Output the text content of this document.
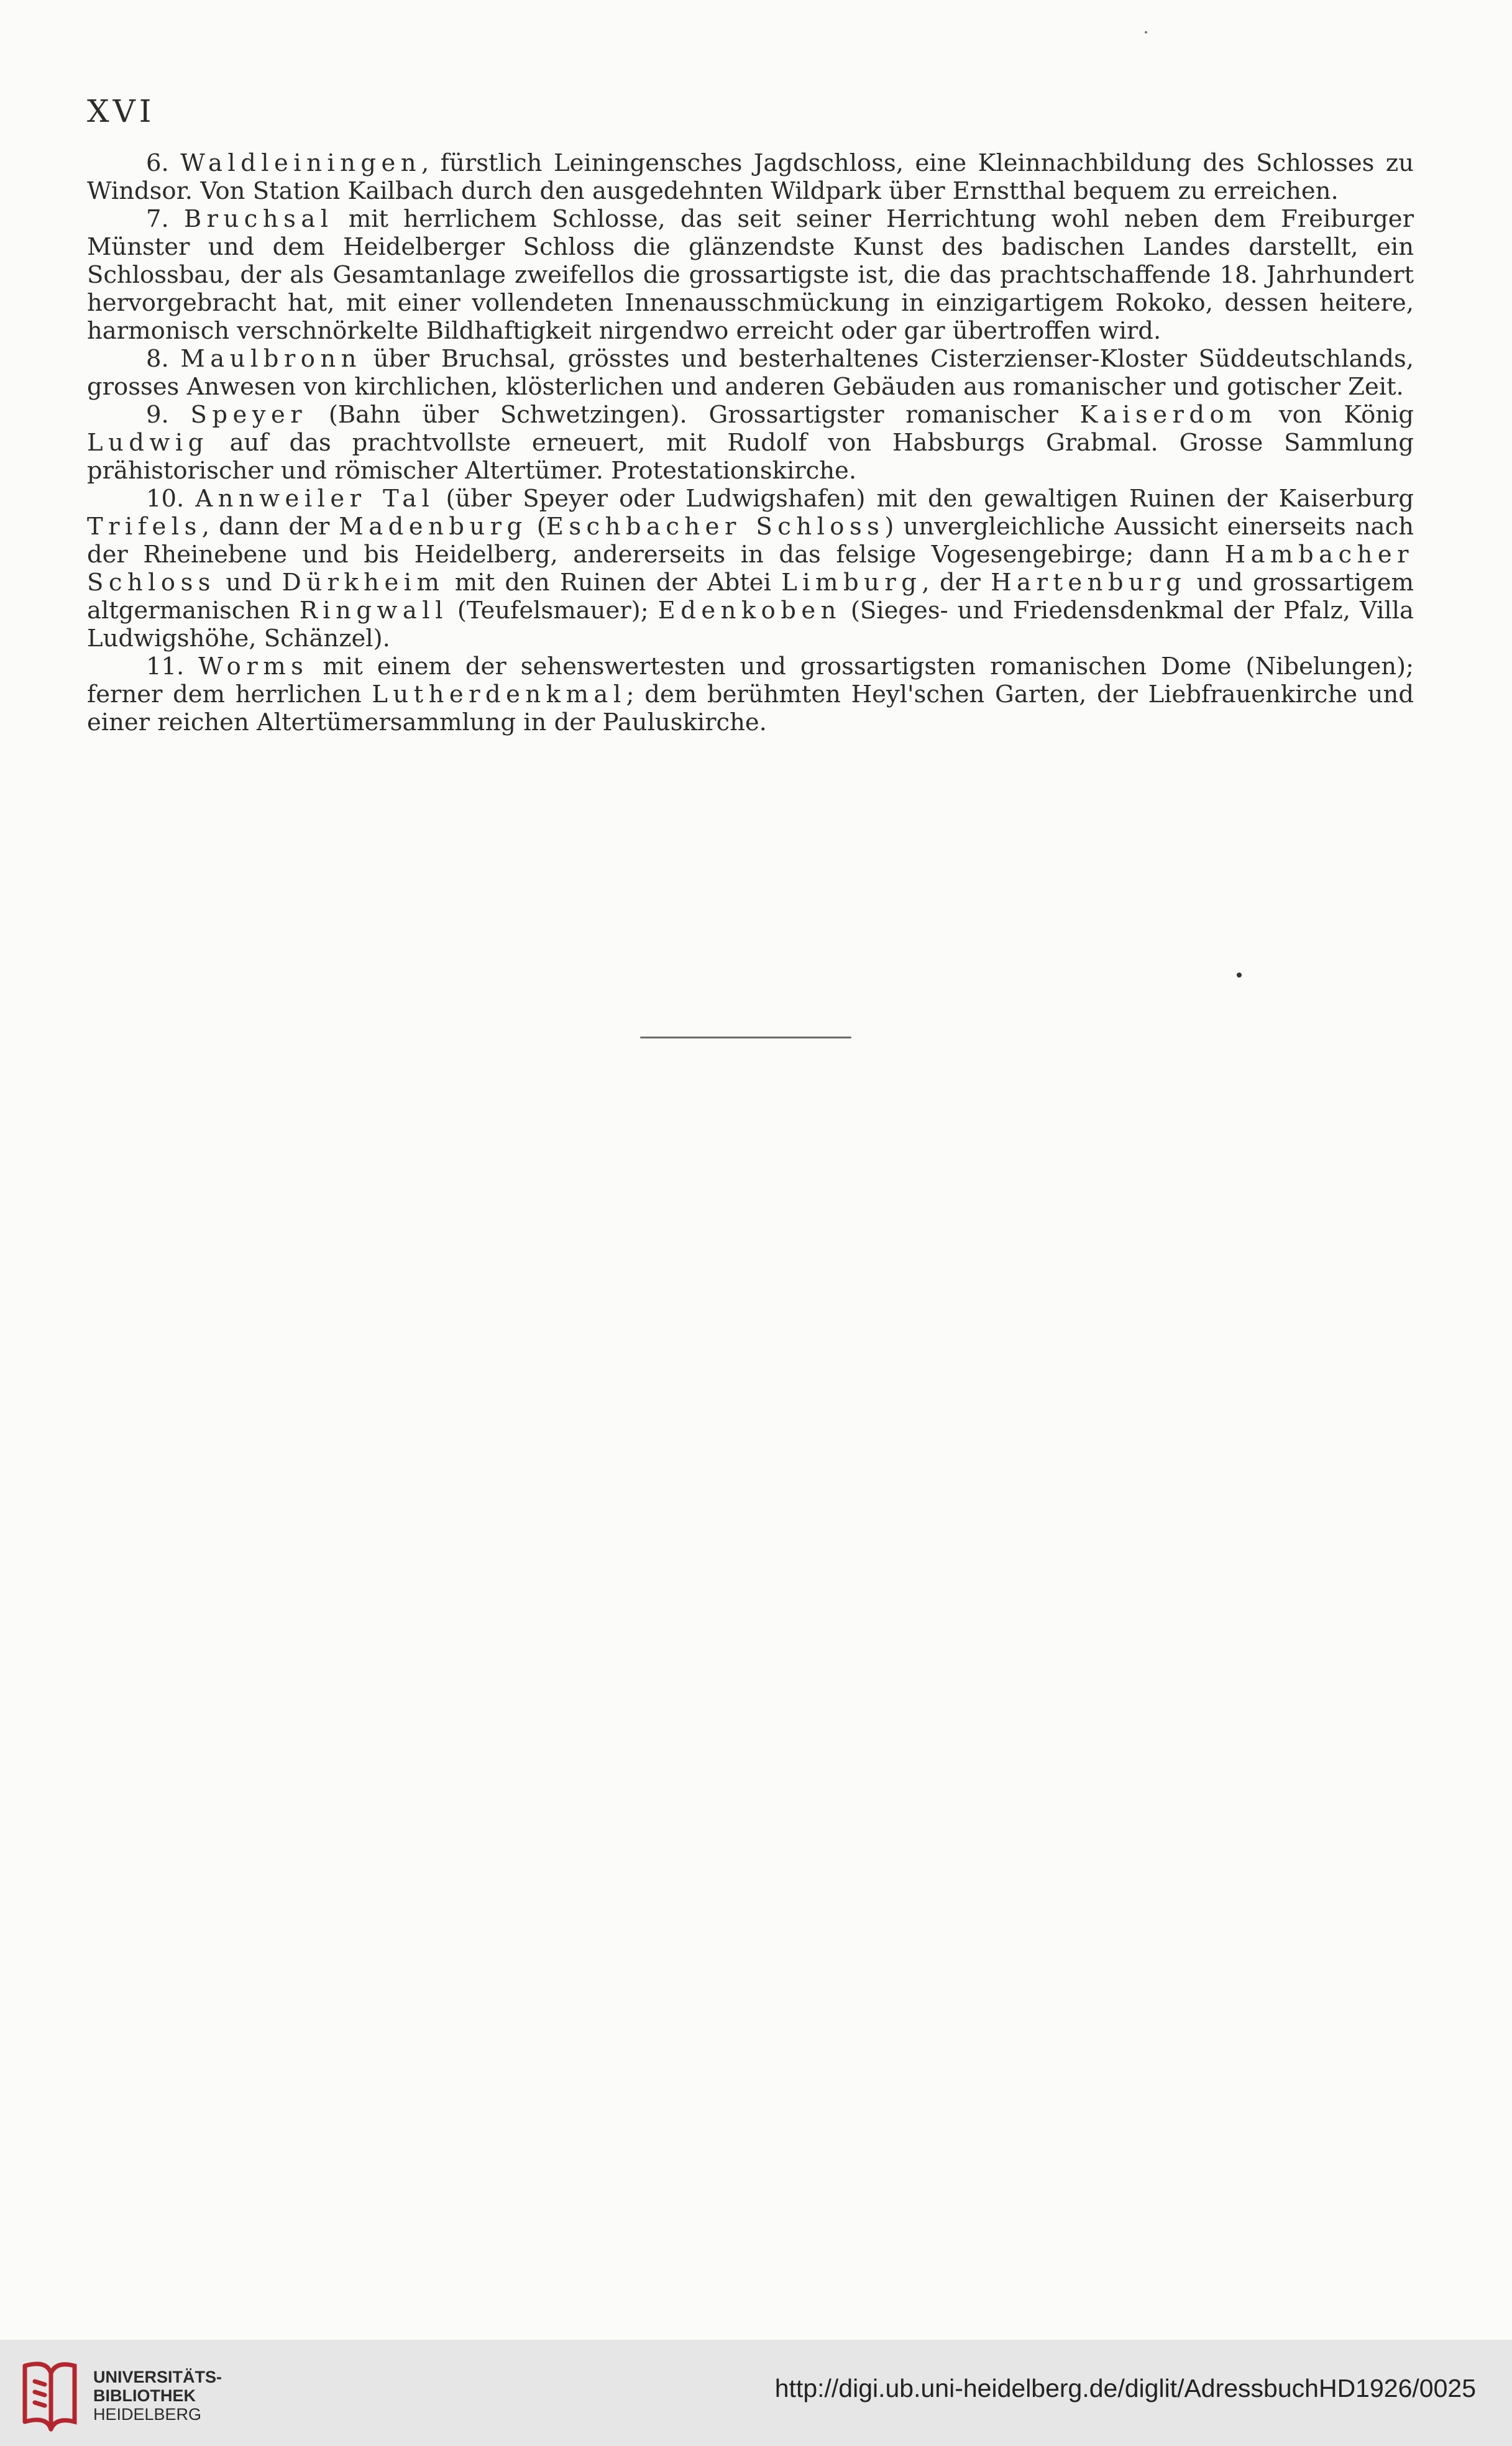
XVI

6. Waldleiningen, fürstlich Leiningensches Jagdschloss, eine Kleinnachbildung des Schlosses zu Windsor. Von Station Kailbach durch den ausgedehnten Wildpark über Ernstthal bequem zu erreichen.

7. Bruchsal mit herrlichem Schlosse, das seit seiner Herrichtung wohl neben dem Freiburger Münster und dem Heidelberger Schloss die glänzendste Kunst des badischen Landes darstellt, ein Schlossbau, der als Gesamtanlage zweifellos die grossartigste ist, die das prachtschaffende 18. Jahrhundert hervorgebracht hat, mit einer vollendeten Innenausschmückung in einzigartigem Rokoko, dessen heitere, harmonisch verschnörkelte Bildhaftigkeit nirgendwo erreicht oder gar übertroffen wird.

8. Maulbronn über Bruchsal, grösstes und besterhaltenes Cisterzienser-Kloster Süddeutschlands, grosses Anwesen von kirchlichen, klösterlichen und anderen Gebäuden aus romanischer und gotischer Zeit.

9. Speyer (Bahn über Schwetzingen). Grossartigster romanischer Kaiserdom von König Ludwig auf das prachtvollste erneuert, mit Rudolf von Habsburgs Grabmal. Grosse Sammlung prähistorischer und römischer Altertümer. Protestationskirche.

10. Annweiler Tal (über Speyer oder Ludwigshafen) mit den gewaltigen Ruinen der Kaiserburg Trifels, dann der Madenburg (Eschbacher Schloss) unvergleichliche Aussicht einerseits nach der Rheinebene und bis Heidelberg, andererseits in das felsige Vogesengebirge; dann Hambacher Schloss und Dürkheim mit den Ruinen der Abtei Limburg, der Hartenburg und grossartigem altgermanischen Ringwall (Teufelsmauer); Edenkoben (Sieges- und Friedensdenkmal der Pfalz, Villa Ludwigshöhe, Schänzel).

11. Worms mit einem der sehenswertesten und grossartigsten romanischen Dome (Nibelungen); ferner dem herrlichen Lutherdenkmal; dem berühmten Heyl'schen Garten, der Liebfrauenkirche und einer reichen Altertümersammlung in der Pauluskirche.

UNIVERSITÄTS-
BIBLIOTHEK
HEIDELBERG
http://digi.ub.uni-heidelberg.de/diglit/AdressbuchHD1926/0025
